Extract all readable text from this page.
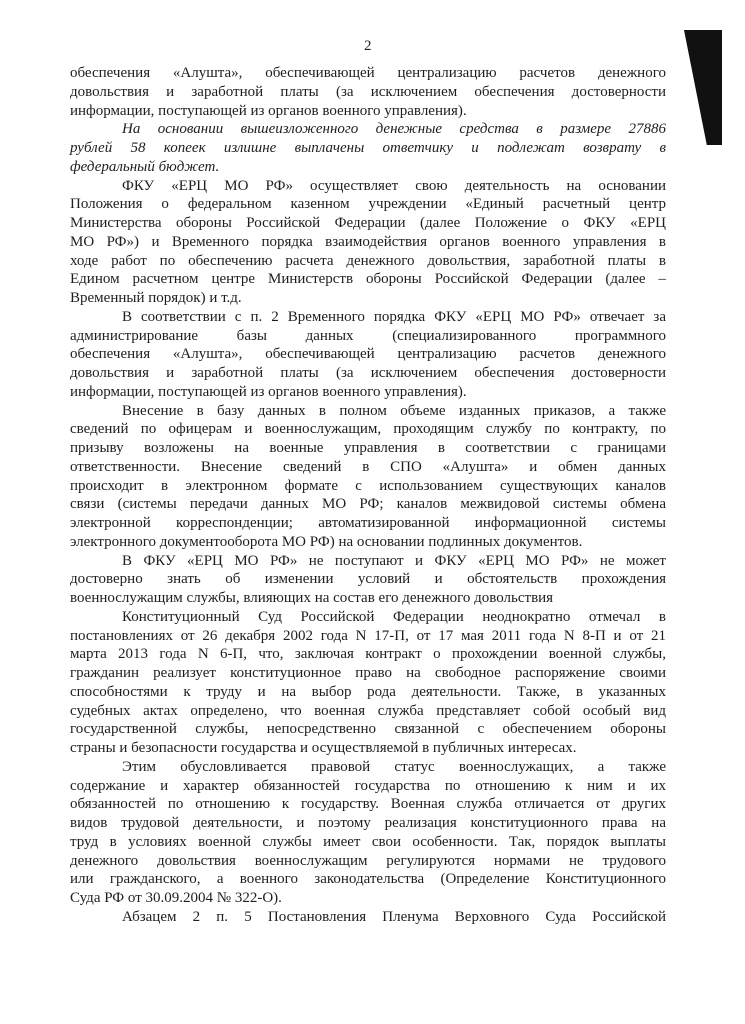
2
обеспечения «Алушта», обеспечивающей централизацию расчетов денежного
довольствия и заработной платы (за исключением обеспечения достоверности
информации, поступающей из органов военного управления).
На основании вышеизложенного денежные средства в размере 27886
рублей 58 копеек излишне выплачены ответчику и подлежат возврату в
федеральный бюджет.
ФКУ «ЕРЦ МО РФ» осуществляет свою деятельность на основании
Положения о федеральном казенном учреждении «Единый расчетный центр
Министерства обороны Российской Федерации (далее Положение о ФКУ «ЕРЦ
МО РФ») и Временного порядка взаимодействия органов военного управления в
ходе работ по обеспечению расчета денежного довольствия, заработной платы в
Едином расчетном центре Министерств обороны Российской Федерации (далее –
Временный порядок) и т.д.
В соответствии с п. 2 Временного порядка ФКУ «ЕРЦ МО РФ» отвечает за
администрирование базы данных (специализированного программного
обеспечения «Алушта», обеспечивающей централизацию расчетов денежного
довольствия и заработной платы (за исключением обеспечения достоверности
информации, поступающей из органов военного управления).
Внесение в базу данных в полном объеме изданных приказов, а также
сведений по офицерам и военнослужащим, проходящим службу по контракту, по
призыву возложены на военные управления в соответствии с границами
ответственности. Внесение сведений в СПО «Алушта» и обмен данных
происходит в электронном формате с использованием существующих каналов
связи (системы передачи данных МО РФ; каналов межвидовой системы обмена
электронной корреспонденции; автоматизированной информационной системы
электронного документооборота МО РФ) на основании подлинных документов.
В ФКУ «ЕРЦ МО РФ» не поступают и ФКУ «ЕРЦ МО РФ» не может
достоверно знать об изменении условий и обстоятельств прохождения
военнослужащим службы, влияющих на состав его денежного довольствия
Конституционный Суд Российской Федерации неоднократно отмечал в
постановлениях от 26 декабря 2002 года N 17-П, от 17 мая 2011 года N 8-П и от 21
марта 2013 года N 6-П, что, заключая контракт о прохождении военной службы,
гражданин реализует конституционное право на свободное распоряжение своими
способностями к труду и на выбор рода деятельности. Также, в указанных
судебных актах определено, что военная служба представляет собой особый вид
государственной службы, непосредственно связанной с обеспечением обороны
страны и безопасности государства и осуществляемой в публичных интересах.
Этим обусловливается правовой статус военнослужащих, а также
содержание и характер обязанностей государства по отношению к ним и их
обязанностей по отношению к государству. Военная служба отличается от других
видов трудовой деятельности, и поэтому реализация конституционного права на
труд в условиях военной службы имеет свои особенности. Так, порядок выплаты
денежного довольствия военнослужащим регулируются нормами не трудового
или гражданского, а военного законодательства (Определение Конституционного
Суда РФ от 30.09.2004 № 322-О).
Абзацем 2 п. 5 Постановления Пленума Верховного Суда Российской
